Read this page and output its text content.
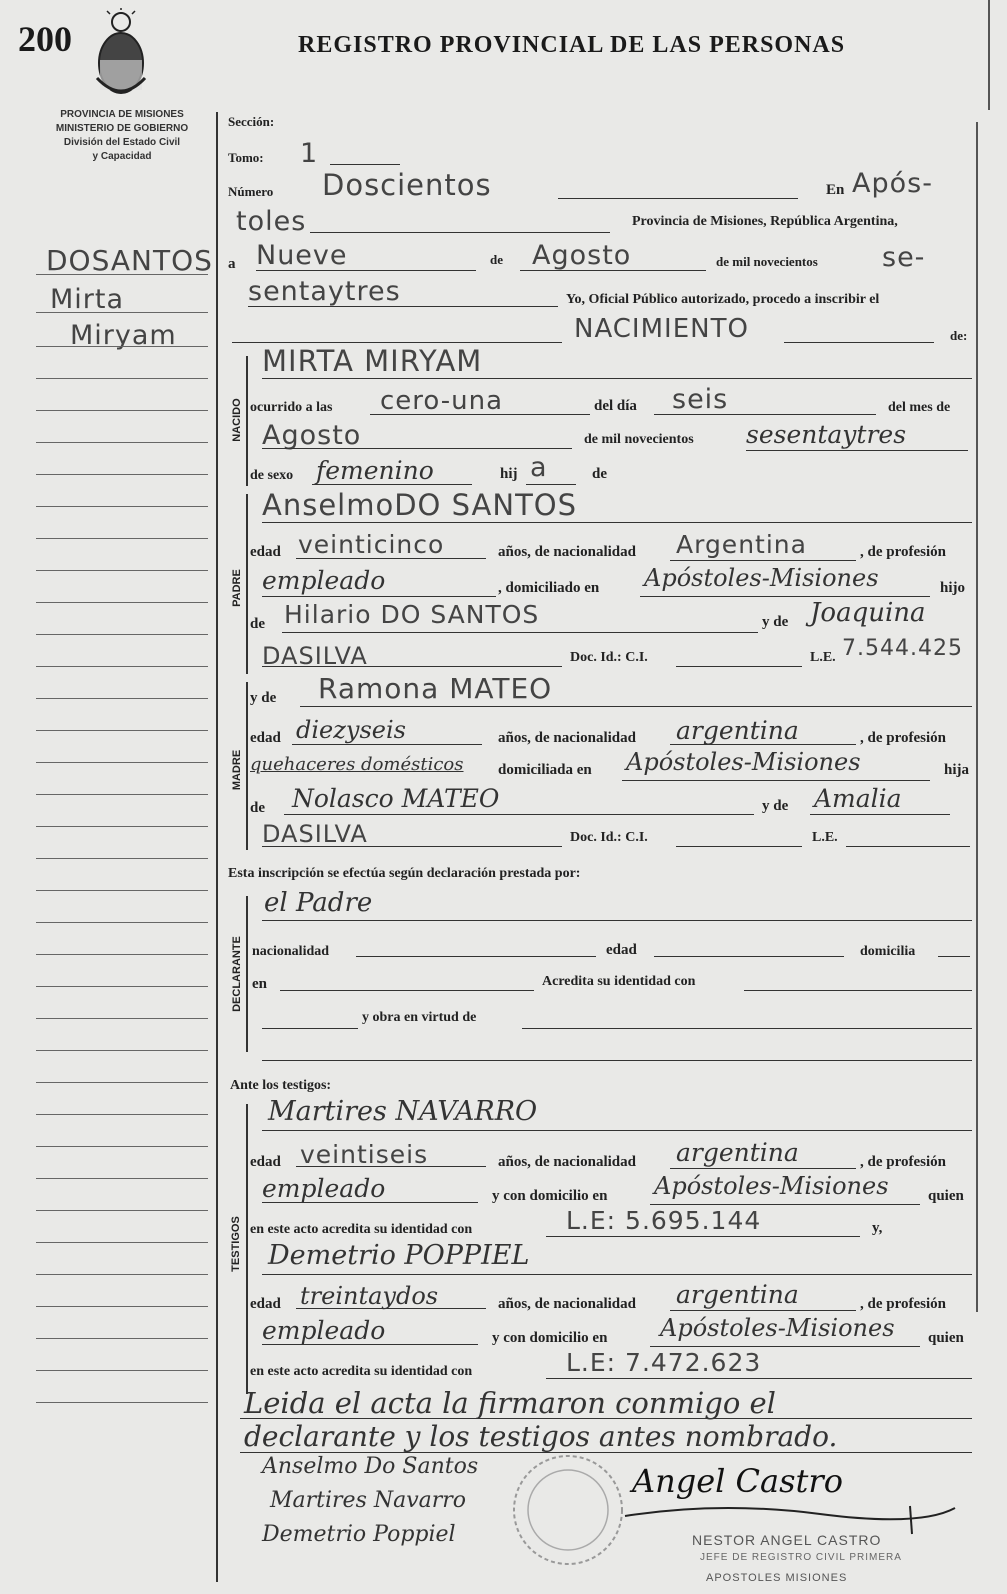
200	REGISTRO PROVINCIAL DE LAS PERSONAS
PROVINCIA DE MISIONES
MINISTERIO DE GOBIERNO
División del Estado Civil
y Capacidad
DOSANTOS
Mirta
Miryam
Sección:
Tomo: 1
Número Doscientos	En Após-
toles	Provincia de Misiones, República Argentina,
a Nueve	de Agosto	de mil novecientos se-
sentaytres	Yo, Oficial Público autorizado, procedo a inscribir el
NACIMIENTO	de:
NACIDO
MIRTA MIRYAM
ocurrido a las cero-una	del día seis	del mes de
Agosto	de mil novecientos sesentaytres
de sexo femenino	hij a	de
PADRE
AnselmoDO SANTOS
edad veinticinco	años, de nacionalidad Argentina	, de profesión
empleado	, domiciliado en Apóstoles-Misiones	hijo
de Hilario DO SANTOS	y de Joaquina
DASILVA	Doc. Id.: C.I.	L.E. 7.544.425
MADRE
y de Ramona MATEO
edad diezyseis	años, de nacionalidad argentina	, de profesión
quehaceres domésticos domiciliada en Apóstoles-Misiones	hija
de Nolasco MATEO	y de Amalia
DASILVA	Doc. Id.: C.I.	L.E.
Esta inscripción se efectúa según declaración prestada por:
DECLARANTE
el Padre
nacionalidad	edad	domicilia
en	Acredita su identidad con
y obra en virtud de
Ante los testigos:
TESTIGOS
Martires NAVARRO
edad veintiseis	años, de nacionalidad argentina	, de profesión
empleado	y con domicilio en Apóstoles-Misiones	quien
en este acto acredita su identidad con	L.E: 5.695.144	y,
Demetrio POPPIEL
edad treintaydos	años, de nacionalidad argentina	, de profesión
empleado	y con domicilio en Apóstoles-Misiones quien
en este acto acredita su identidad con	L.E: 7.472.623
Leida el acta la firmaron conmigo el
declarante y los testigos antes nombrado.
Anselmo Do Santos
Martires Navarro
Demetrio Poppiel
Angel Castro
NESTOR ANGEL CASTRO
JEFE DE REGISTRO CIVIL PRIMERA
APOSTOLES MISIONES
